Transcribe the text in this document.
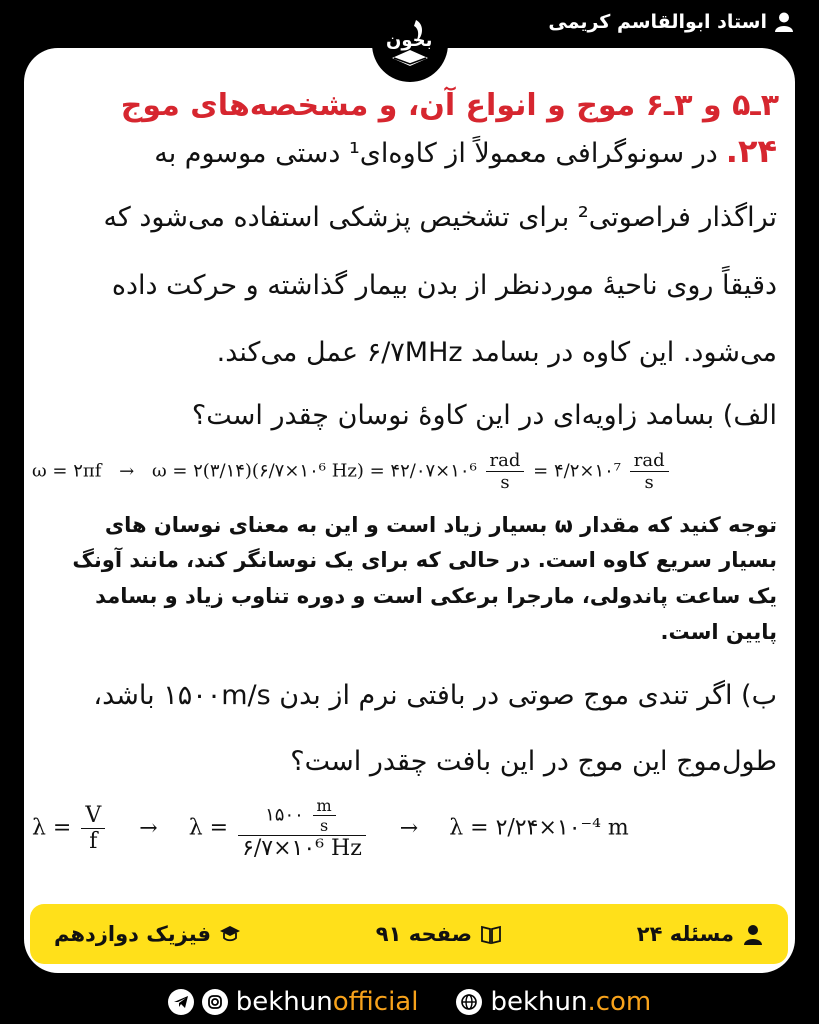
استاد ابوالقاسم کریمی
بخون
۳ـ۵ و ۳ـ۶ موج و انواع آن، و مشخصه‌های موج
۲۴.در سونوگرافی معمولاً از کاوه‌ای¹ دستی موسوم به
تراگذار فراصوتی² برای تشخیص پزشکی استفاده می‌شود که
دقیقاً روی ناحیهٔ موردنظر از بدن بیمار گذاشته و حرکت داده
می‌شود. این کاوه در بسامد ۶/۷MHz عمل می‌کند.
الف) بسامد زاویه‌ای در این کاوهٔ نوسان چقدر است؟
ω = ۲πf → ω = ۲(۳/۱۴)(۶/۷×۱۰⁶ Hz) = ۴۲/۰۷×۱۰⁶ $\frac{\text{rad}}{s}$ = ۴/۲×۱۰⁷ $\frac{\text{rad}}{s}$
توجه کنید که مقدار ω بسیار زیاد است و این به معنای نوسان های
بسیار سریع کاوه است. در حالی که برای یک نوسانگر کند، مانند آونگ
یک ساعت پاندولی، مارجرا برعکی است و دوره تناوب زیاد و بسامد
پایین است.
ب) اگر تندی موج صوتی در بافتی نرم از بدن ۱۵۰۰m/s باشد،
طول‌موج این موج در این بافت چقدر است؟
$\lambda = \frac{V}{f} \to \lambda = \frac{۱۵۰۰ \frac{m}{s}}{\text{۶/۷×۱۰⁶ Hz}} \to \lambda$ = ۲/۲۴×۱۰⁻⁴ m
مسئله ۲۴
صفحه ۹۱
فیزیک دوازدهم
bekhunofficial	bekhun.com
